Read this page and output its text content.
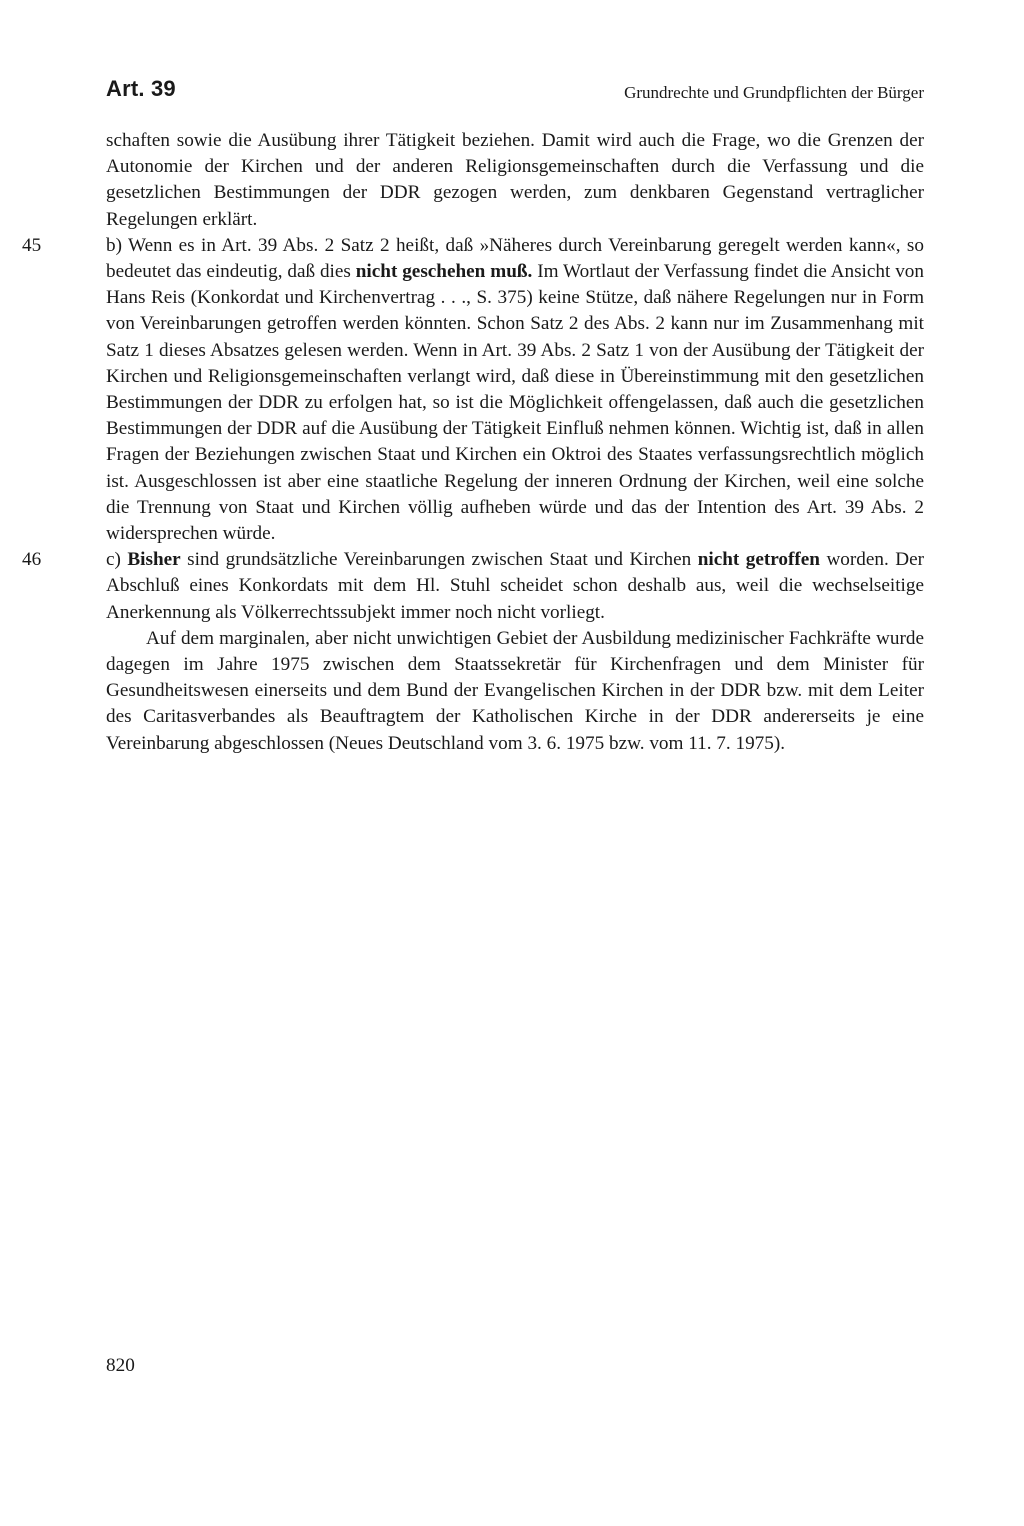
Art. 39	Grundrechte und Grundpflichten der Bürger

schaften sowie die Ausübung ihrer Tätigkeit beziehen. Damit wird auch die Frage, wo die Grenzen der Autonomie der Kirchen und der anderen Religionsgemeinschaften durch die Verfassung und die gesetzlichen Bestimmungen der DDR gezogen werden, zum denkbaren Gegenstand vertraglicher Regelungen erklärt.

45	b) Wenn es in Art. 39 Abs. 2 Satz 2 heißt, daß »Näheres durch Vereinbarung geregelt werden kann«, so bedeutet das eindeutig, daß dies nicht geschehen muß. Im Wortlaut der Verfassung findet die Ansicht von Hans Reis (Konkordat und Kirchenvertrag . . ., S. 375) keine Stütze, daß nähere Regelungen nur in Form von Vereinbarungen getroffen werden könnten. Schon Satz 2 des Abs. 2 kann nur im Zusammenhang mit Satz 1 dieses Absatzes gelesen werden. Wenn in Art. 39 Abs. 2 Satz 1 von der Ausübung der Tätigkeit der Kirchen und Religionsgemeinschaften verlangt wird, daß diese in Übereinstimmung mit den gesetzlichen Bestimmungen der DDR zu erfolgen hat, so ist die Möglichkeit offengelassen, daß auch die gesetzlichen Bestimmungen der DDR auf die Ausübung der Tätigkeit Einfluß nehmen können. Wichtig ist, daß in allen Fragen der Beziehungen zwischen Staat und Kirchen ein Oktroi des Staates verfassungsrechtlich möglich ist. Ausgeschlossen ist aber eine staatliche Regelung der inneren Ordnung der Kirchen, weil eine solche die Trennung von Staat und Kirchen völlig aufheben würde und das der Intention des Art. 39 Abs. 2 widersprechen würde.

46	c) Bisher sind grundsätzliche Vereinbarungen zwischen Staat und Kirchen nicht getroffen worden. Der Abschluß eines Konkordats mit dem Hl. Stuhl scheidet schon deshalb aus, weil die wechselseitige Anerkennung als Völkerrechtssubjekt immer noch nicht vorliegt.

Auf dem marginalen, aber nicht unwichtigen Gebiet der Ausbildung medizinischer Fachkräfte wurde dagegen im Jahre 1975 zwischen dem Staatssekretär für Kirchenfragen und dem Minister für Gesundheitswesen einerseits und dem Bund der Evangelischen Kirchen in der DDR bzw. mit dem Leiter des Caritasverbandes als Beauftragtem der Katholischen Kirche in der DDR andererseits je eine Vereinbarung abgeschlossen (Neues Deutschland vom 3. 6. 1975 bzw. vom 11. 7. 1975).

820
